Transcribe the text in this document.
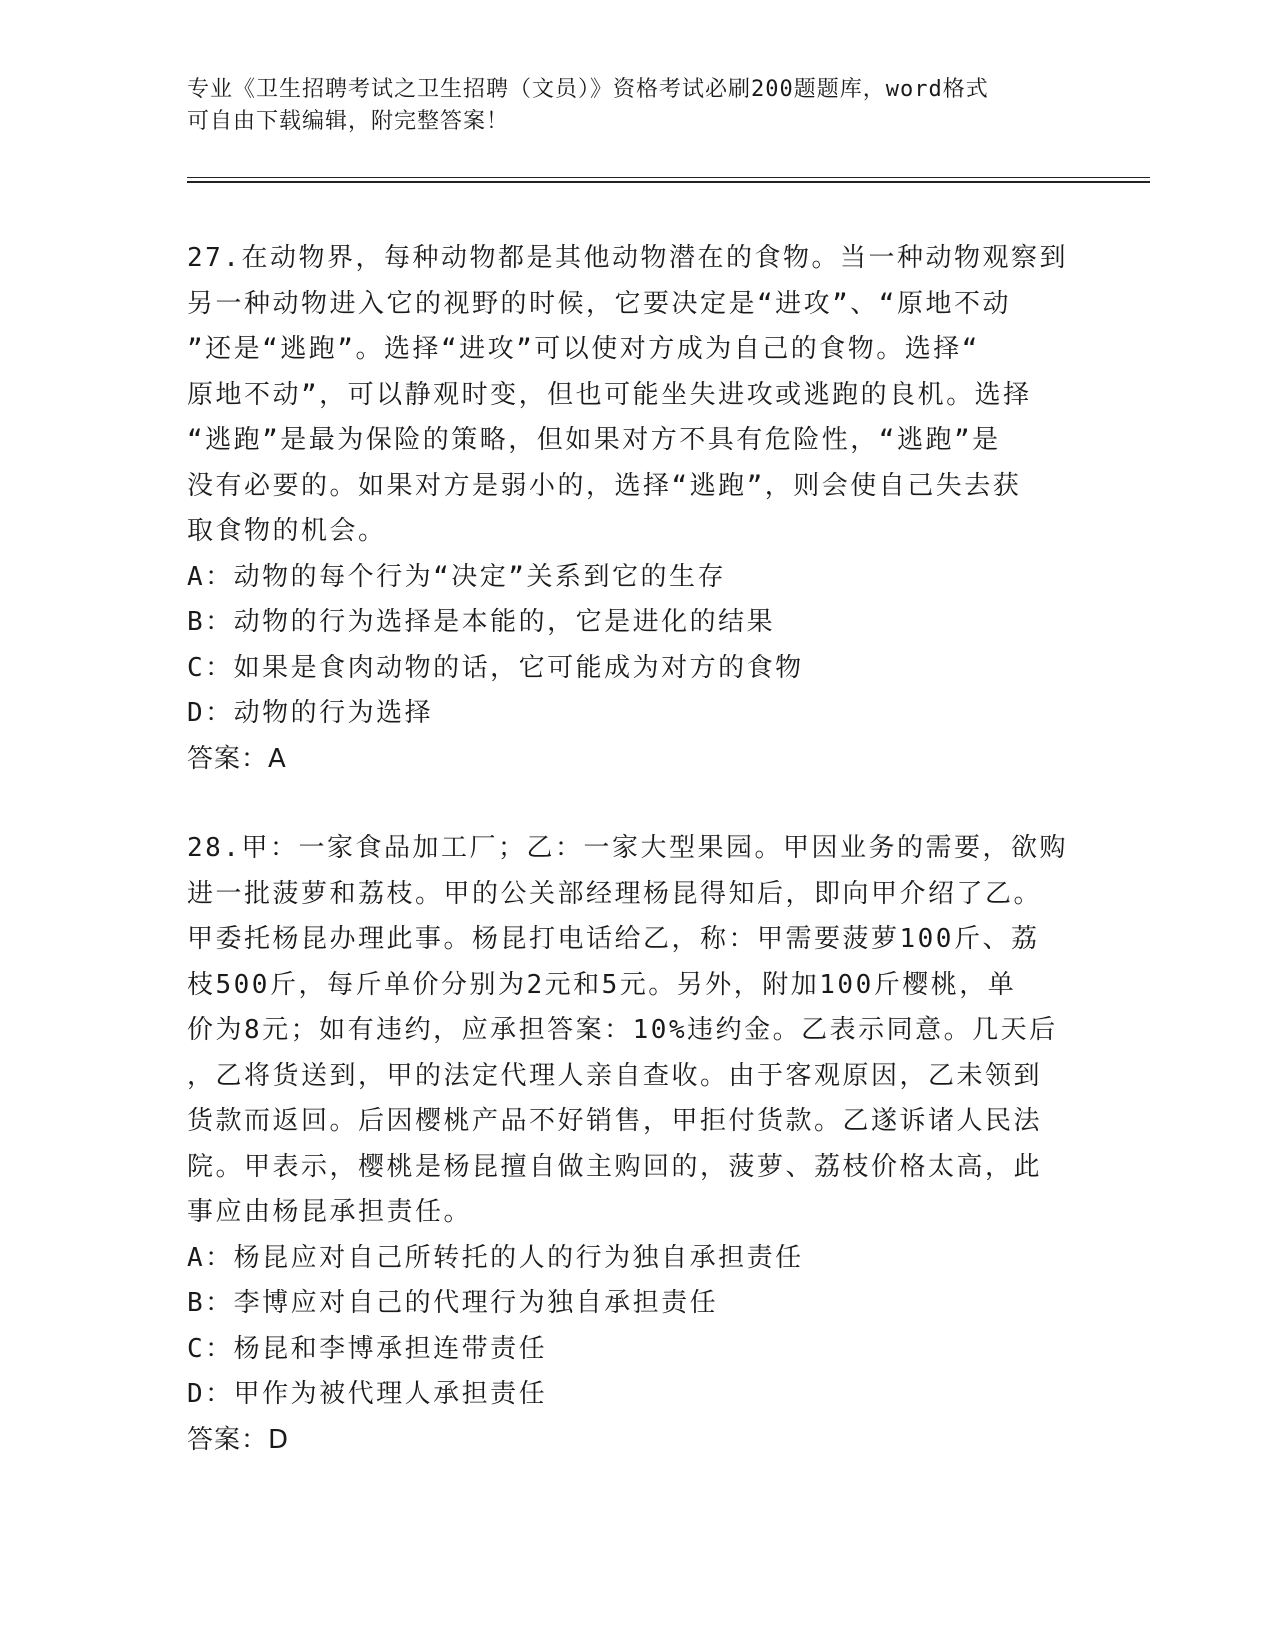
专业《卫生招聘考试之卫生招聘（文员）》资格考试必刷200题题库，word格式
可自由下载编辑，附完整答案！
27.在动物界，每种动物都是其他动物潜在的食物。当一种动物观察到
另一种动物进入它的视野的时候，它要决定是“进攻”、“原地不动
”还是“逃跑”。选择“进攻”可以使对方成为自己的食物。选择“
原地不动”，可以静观时变，但也可能坐失进攻或逃跑的良机。选择
“逃跑”是最为保险的策略，但如果对方不具有危险性，“逃跑”是
没有必要的。如果对方是弱小的，选择“逃跑”，则会使自己失去获
取食物的机会。
A：动物的每个行为“决定”关系到它的生存
B：动物的行为选择是本能的，它是进化的结果
C：如果是食肉动物的话，它可能成为对方的食物
D：动物的行为选择
答案：A
28.甲：一家食品加工厂；乙：一家大型果园。甲因业务的需要，欲购
进一批菠萝和荔枝。甲的公关部经理杨昆得知后，即向甲介绍了乙。
甲委托杨昆办理此事。杨昆打电话给乙，称：甲需要菠萝100斤、荔
枝500斤，每斤单价分别为2元和5元。另外，附加100斤樱桃，单
价为8元；如有违约，应承担答案：10%违约金。乙表示同意。几天后
，乙将货送到，甲的法定代理人亲自查收。由于客观原因，乙未领到
货款而返回。后因樱桃产品不好销售，甲拒付货款。乙遂诉诸人民法
院。甲表示，樱桃是杨昆擅自做主购回的，菠萝、荔枝价格太高，此
事应由杨昆承担责任。
A：杨昆应对自己所转托的人的行为独自承担责任
B：李博应对自己的代理行为独自承担责任
C：杨昆和李博承担连带责任
D：甲作为被代理人承担责任
答案：D
